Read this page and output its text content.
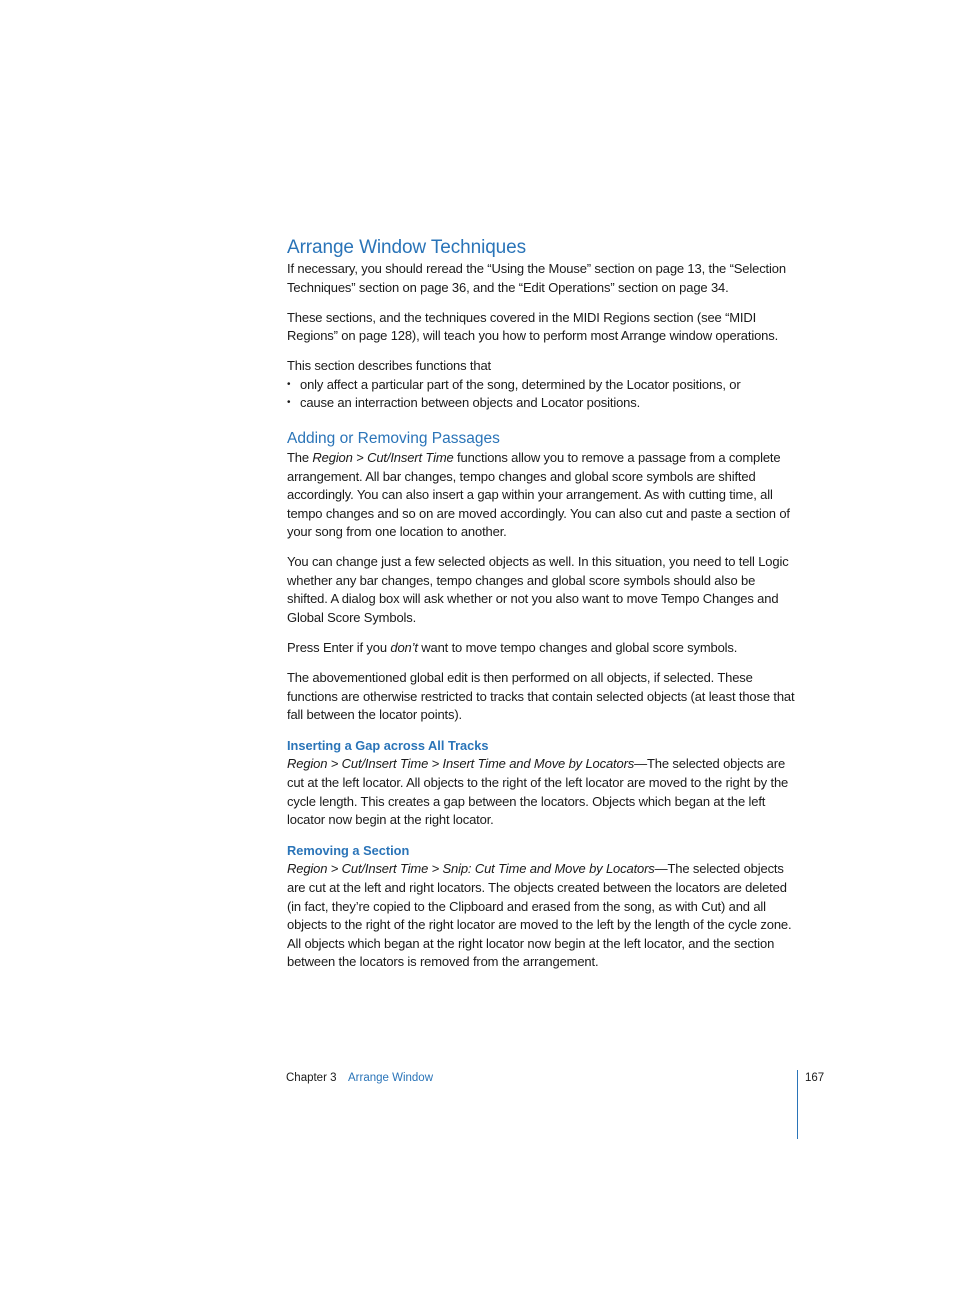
Arrange Window Techniques

If necessary, you should reread the “Using the Mouse” section on page 13, the “Selection Techniques” section on page 36, and the “Edit Operations” section on page 34.

These sections, and the techniques covered in the MIDI Regions section (see “MIDI Regions” on page 128), will teach you how to perform most Arrange window operations.

This section describes functions that

• only affect a particular part of the song, determined by the Locator positions, or
• cause an interraction between objects and Locator positions.
Adding or Removing Passages

The Region > Cut/Insert Time functions allow you to remove a passage from a complete arrangement. All bar changes, tempo changes and global score symbols are shifted accordingly. You can also insert a gap within your arrangement. As with cutting time, all tempo changes and so on are moved accordingly. You can also cut and paste a section of your song from one location to another.

You can change just a few selected objects as well. In this situation, you need to tell Logic whether any bar changes, tempo changes and global score symbols should also be shifted. A dialog box will ask whether or not you also want to move Tempo Changes and Global Score Symbols.

Press Enter if you don’t want to move tempo changes and global score symbols.

The abovementioned global edit is then performed on all objects, if selected. These functions are otherwise restricted to tracks that contain selected objects (at least those that fall between the locator points).

Inserting a Gap across All Tracks

Region > Cut/Insert Time > Insert Time and Move by Locators—The selected objects are cut at the left locator. All objects to the right of the left locator are moved to the right by the cycle length. This creates a gap between the locators. Objects which began at the left locator now begin at the right locator.

Removing a Section

Region > Cut/Insert Time > Snip: Cut Time and Move by Locators—The selected objects are cut at the left and right locators. The objects created between the locators are deleted (in fact, they’re copied to the Clipboard and erased from the song, as with Cut) and all objects to the right of the right locator are moved to the left by the length of the cycle zone. All objects which began at the right locator now begin at the left locator, and the section between the locators is removed from the arrangement.

Chapter 3 Arrange Window	167
